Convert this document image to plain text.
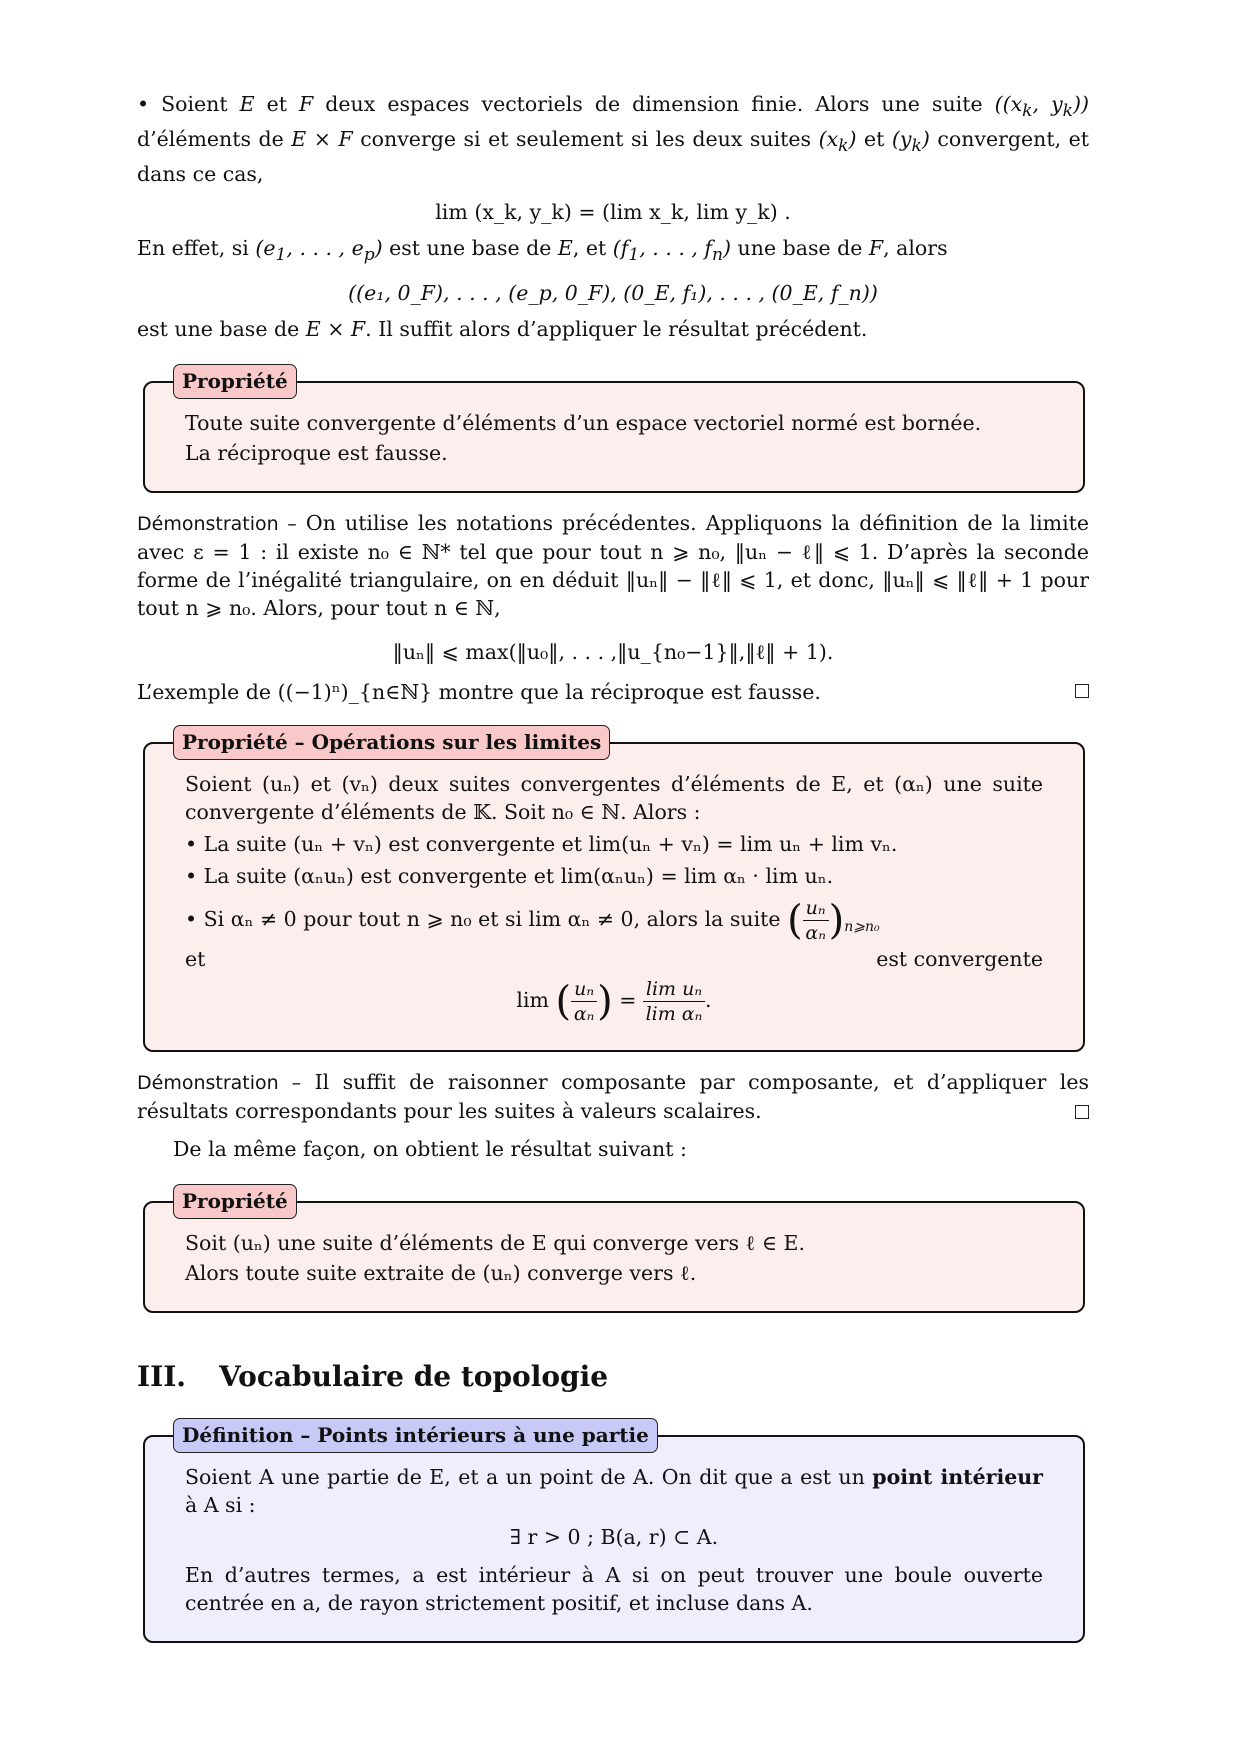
• Soient E et F deux espaces vectoriels de dimension finie. Alors une suite (($x_k$, $y_k$)) d’éléments de E × F converge si et seulement si les deux suites $(x_k)$ et $(y_k)$ convergent, et dans ce cas,

lim (x_k, y_k) = (lim x_k, lim y_k) .

En effet, si ($e_1$, . . . , $e_p$) est une base de E, et ($f_1$, . . . , $f_n$) une base de F, alors

((e₁, 0_F), . . . , (e_p, 0_F), (0_E, f₁), . . . , (0_E, f_n))

est une base de E × F. Il suffit alors d’appliquer le résultat précédent.

Propriété

Toute suite convergente d’éléments d’un espace vectoriel normé est bornée.

La réciproque est fausse.

Démonstration – On utilise les notations précédentes. Appliquons la définition de la limite avec ε = 1 : il existe n₀ ∈ ℕ* tel que pour tout n ⩾ n₀, ‖uₙ − ℓ‖ ⩽ 1. D’après la seconde forme de l’inégalité triangulaire, on en déduit ‖uₙ‖ − ‖ℓ‖ ⩽ 1, et donc, ‖uₙ‖ ⩽ ‖ℓ‖ + 1 pour tout n ⩾ n₀. Alors, pour tout n ∈ ℕ,

‖uₙ‖ ⩽ max(‖u₀‖, . . . ,‖u_{n₀−1}‖,‖ℓ‖ + 1).

L’exemple de ((−1)ⁿ)_{n∈ℕ} montre que la réciproque est fausse.

Propriété – Opérations sur les limites

Soient (uₙ) et (vₙ) deux suites convergentes d’éléments de E, et (αₙ) une suite convergente d’éléments de 𝕂. Soit n₀ ∈ ℕ. Alors :

• La suite (uₙ + vₙ) est convergente et lim(uₙ + vₙ) = lim uₙ + lim vₙ.

• La suite (αₙuₙ) est convergente et lim(αₙuₙ) = lim αₙ · lim uₙ.

• Si αₙ ≠ 0 pour tout n ⩾ n₀ et si lim αₙ ≠ 0, alors la suite ( $\frac{\text{uₙ}}{\text{αₙ}} )_{n⩾n_0}$
est convergente

et

lim ( $\frac{\text{uₙ}}{\text{αₙ}}$ ) = $\frac{\text{lim uₙ}}{\text{lim αₙ}}$ .

Démonstration – Il suffit de raisonner composante par composante, et d’appliquer les résultats correspondants pour les suites à valeurs scalaires.

De la même façon, on obtient le résultat suivant :

Propriété

Soit (uₙ) une suite d’éléments de E qui converge vers ℓ ∈ E.

Alors toute suite extraite de (uₙ) converge vers ℓ.

III. Vocabulaire de topologie
Définition – Points intérieurs à une partie

Soient A une partie de E, et a un point de A. On dit que a est un point intérieur à A si :

∃ r > 0 ; B(a, r) ⊂ A.

En d’autres termes, a est intérieur à A si on peut trouver une boule ouverte centrée en a, de rayon strictement positif, et incluse dans A.
